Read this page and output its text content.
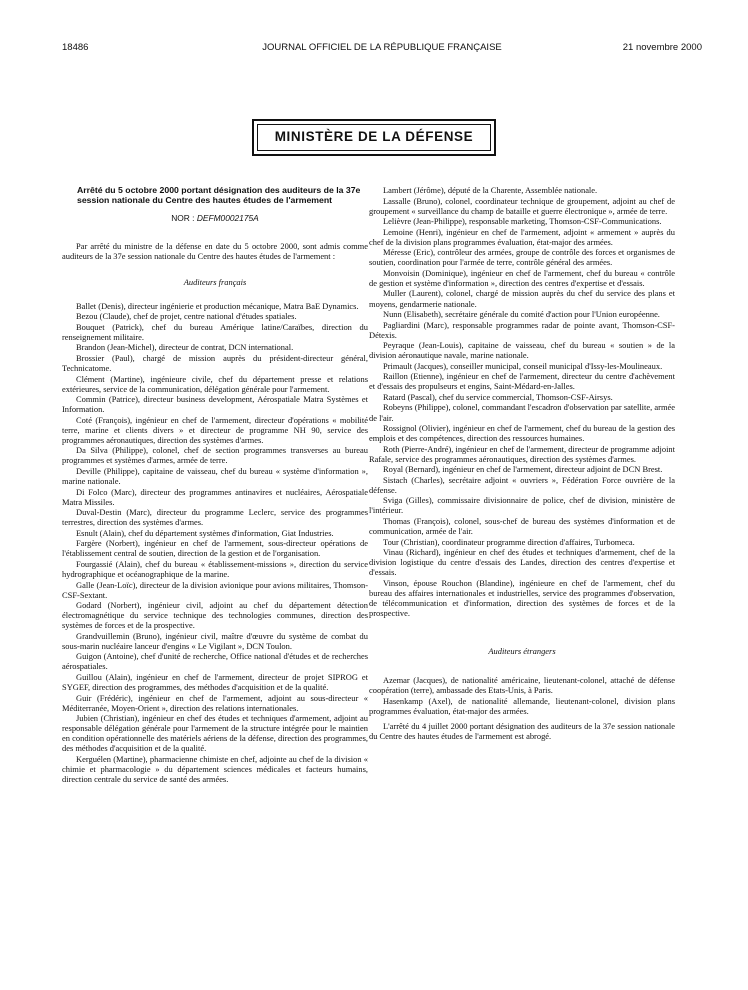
18486	JOURNAL OFFICIEL DE LA RÉPUBLIQUE FRANÇAISE	21 novembre 2000
MINISTÈRE DE LA DÉFENSE
Arrêté du 5 octobre 2000 portant désignation des auditeurs de la 37e session nationale du Centre des hautes études de l'armement
NOR : DEFM0002175A
Par arrêté du ministre de la défense en date du 5 octobre 2000, sont admis comme auditeurs de la 37e session nationale du Centre des hautes études de l'armement :
Auditeurs français
Ballet (Denis), directeur ingénierie et production mécanique, Matra BaE Dynamics.
Bezou (Claude), chef de projet, centre national d'études spatiales.
Bouquet (Patrick), chef du bureau Amérique latine/Caraïbes, direction du renseignement militaire.
Brandon (Jean-Michel), directeur de contrat, DCN international.
Brossier (Paul), chargé de mission auprès du président-directeur général, Technicatome.
Clément (Martine), ingénieure civile, chef du département presse et relations extérieures, service de la communication, délégation générale pour l'armement.
Commin (Patrice), directeur business development, Aérospatiale Matra Systèmes et Information.
Coté (François), ingénieur en chef de l'armement, directeur d'opérations « mobilité terre, marine et clients divers » et directeur de programme NH 90, service des programmes aéronautiques, direction des systèmes d'armes.
Da Silva (Philippe), colonel, chef de section programmes transverses au bureau programmes et systèmes d'armes, armée de terre.
Deville (Philippe), capitaine de vaisseau, chef du bureau « système d'information », marine nationale.
Di Folco (Marc), directeur des programmes antinavires et nucléaires, Aérospatiale Matra Missiles.
Duval-Destin (Marc), directeur du programme Leclerc, service des programmes terrestres, direction des systèmes d'armes.
Esnult (Alain), chef du département systèmes d'information, Giat Industries.
Fargère (Norbert), ingénieur en chef de l'armement, sous-directeur opérations de l'établissement central de soutien, direction de la gestion et de l'organisation.
Fourgassié (Alain), chef du bureau « établissement-missions », direction du service hydrographique et océanographique de la marine.
Galle (Jean-Loïc), directeur de la division avionique pour avions militaires, Thomson-CSF-Sextant.
Godard (Norbert), ingénieur civil, adjoint au chef du département détection électromagnétique du service technique des technologies communes, direction des systèmes de forces et de la prospective.
Grandvuillemin (Bruno), ingénieur civil, maître d'œuvre du système de combat du sous-marin nucléaire lanceur d'engins « Le Vigilant », DCN Toulon.
Guigon (Antoine), chef d'unité de recherche, Office national d'études et de recherches aérospatiales.
Guillou (Alain), ingénieur en chef de l'armement, directeur de projet SIPROG et SYGEF, direction des programmes, des méthodes d'acquisition et de la qualité.
Guir (Frédéric), ingénieur en chef de l'armement, adjoint au sous-directeur « Méditerranée, Moyen-Orient », direction des relations internationales.
Jubien (Christian), ingénieur en chef des études et techniques d'armement, adjoint au responsable délégation générale pour l'armement de la structure intégrée pour le maintien en condition opérationnelle des matériels aériens de la défense, direction des programmes, des méthodes d'acquisition et de la qualité.
Kerguélen (Martine), pharmacienne chimiste en chef, adjointe au chef de la division « chimie et pharmacologie » du département sciences médicales et facteurs humains, direction centrale du service de santé des armées.
Lambert (Jérôme), député de la Charente, Assemblée nationale.
Lassalle (Bruno), colonel, coordinateur technique de groupement, adjoint au chef de groupement « surveillance du champ de bataille et guerre électronique », armée de terre.
Lelièvre (Jean-Philippe), responsable marketing, Thomson-CSF-Communications.
Lemoine (Henri), ingénieur en chef de l'armement, adjoint « armement » auprès du chef de la division plans programmes évaluation, état-major des armées.
Méresse (Eric), contrôleur des armées, groupe de contrôle des forces et organismes de soutien, coordination pour l'armée de terre, contrôle général des armées.
Monvoisin (Dominique), ingénieur en chef de l'armement, chef du bureau « contrôle de gestion et système d'information », direction des centres d'expertise et d'essais.
Muller (Laurent), colonel, chargé de mission auprès du chef du service des plans et moyens, gendarmerie nationale.
Nunn (Elisabeth), secrétaire générale du comité d'action pour l'Union européenne.
Pagliardini (Marc), responsable programmes radar de pointe avant, Thomson-CSF-Détexis.
Peyraque (Jean-Louis), capitaine de vaisseau, chef du bureau « soutien » de la division aéronautique navale, marine nationale.
Primault (Jacques), conseiller municipal, conseil municipal d'Issy-les-Moulineaux.
Raillon (Etienne), ingénieur en chef de l'armement, directeur du centre d'achèvement et d'essais des propulseurs et engins, Saint-Médard-en-Jalles.
Ratard (Pascal), chef du service commercial, Thomson-CSF-Airsys.
Robeyns (Philippe), colonel, commandant l'escadron d'observation par satellite, armée de l'air.
Rossignol (Olivier), ingénieur en chef de l'armement, chef du bureau de la gestion des emplois et des compétences, direction des ressources humaines.
Roth (Pierre-André), ingénieur en chef de l'armement, directeur de programme adjoint Rafale, service des programmes aéronautiques, direction des systèmes d'armes.
Royal (Bernard), ingénieur en chef de l'armement, directeur adjoint de DCN Brest.
Sistach (Charles), secrétaire adjoint « ouvriers », Fédération Force ouvrière de la défense.
Sviga (Gilles), commissaire divisionnaire de police, chef de division, ministère de l'intérieur.
Thomas (François), colonel, sous-chef de bureau des systèmes d'information et de communication, armée de l'air.
Tour (Christian), coordinateur programme direction d'affaires, Turbomeca.
Vinau (Richard), ingénieur en chef des études et techniques d'armement, chef de la division logistique du centre d'essais des Landes, direction des centres d'expertise et d'essais.
Vinson, épouse Rouchon (Blandine), ingénieure en chef de l'armement, chef du bureau des affaires internationales et industrielles, service des programmes d'observation, de télécommunication et d'information, direction des systèmes de forces et de la prospective.
Auditeurs étrangers
Azemar (Jacques), de nationalité américaine, lieutenant-colonel, attaché de défense coopération (terre), ambassade des Etats-Unis, à Paris.
Hasenkamp (Axel), de nationalité allemande, lieutenant-colonel, division plans programmes évaluation, état-major des armées.
L'arrêté du 4 juillet 2000 portant désignation des auditeurs de la 37e session nationale du Centre des hautes études de l'armement est abrogé.
